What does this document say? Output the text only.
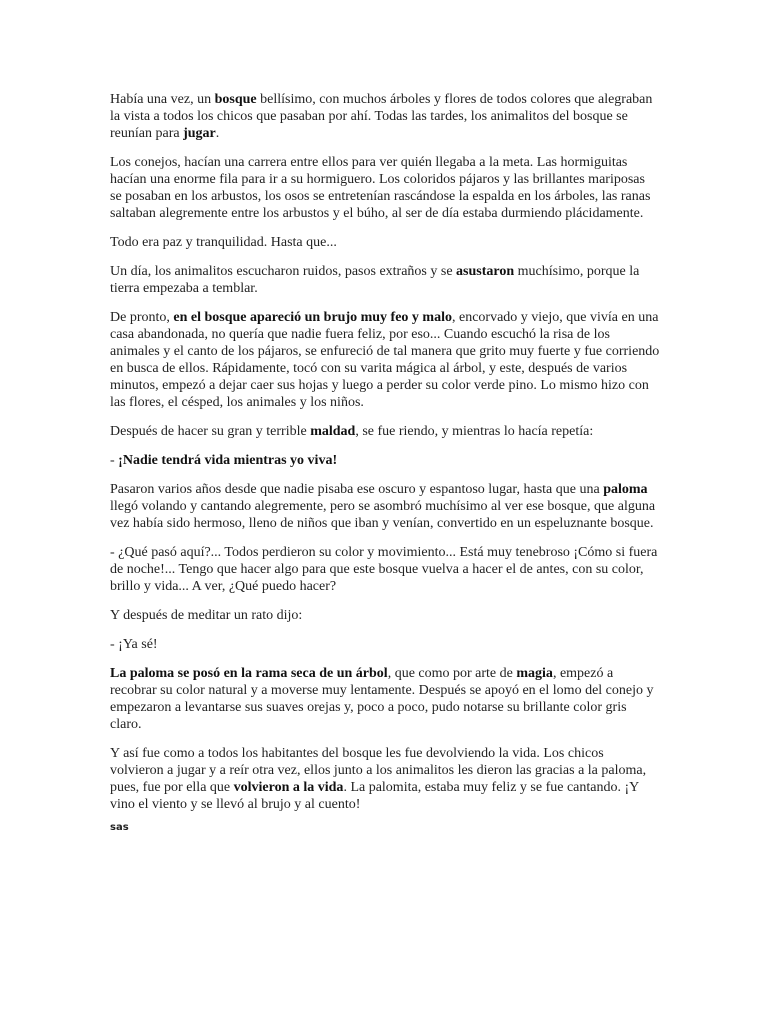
Había una vez, un bosque bellísimo, con muchos árboles y flores de todos colores que alegraban la vista a todos los chicos que pasaban por ahí. Todas las tardes, los animalitos del bosque se reunían para jugar.

Los conejos, hacían una carrera entre ellos para ver quién llegaba a la meta. Las hormiguitas hacían una enorme fila para ir a su hormiguero. Los coloridos pájaros y las brillantes mariposas se posaban en los arbustos, los osos se entretenían rascándose la espalda en los árboles, las ranas saltaban alegremente entre los arbustos y el búho, al ser de día estaba durmiendo plácidamente.

Todo era paz y tranquilidad. Hasta que...

Un día, los animalitos escucharon ruidos, pasos extraños y se asustaron muchísimo, porque la tierra empezaba a temblar.

De pronto, en el bosque apareció un brujo muy feo y malo, encorvado y viejo, que vivía en una casa abandonada, no quería que nadie fuera feliz, por eso... Cuando escuchó la risa de los animales y el canto de los pájaros, se enfureció de tal manera que grito muy fuerte y fue corriendo en busca de ellos. Rápidamente, tocó con su varita mágica al árbol, y este, después de varios minutos, empezó a dejar caer sus hojas y luego a perder su color verde pino. Lo mismo hizo con las flores, el césped, los animales y los niños.

Después de hacer su gran y terrible maldad, se fue riendo, y mientras lo hacía repetía:

- ¡Nadie tendrá vida mientras yo viva!

Pasaron varios años desde que nadie pisaba ese oscuro y espantoso lugar, hasta que una paloma llegó volando y cantando alegremente, pero se asombró muchísimo al ver ese bosque, que alguna vez había sido hermoso, lleno de niños que iban y venían, convertido en un espeluznante bosque.

- ¿Qué pasó aquí?... Todos perdieron su color y movimiento... Está muy tenebroso ¡Cómo si fuera de noche!... Tengo que hacer algo para que este bosque vuelva a hacer el de antes, con su color, brillo y vida... A ver, ¿Qué puedo hacer?

Y después de meditar un rato dijo:

- ¡Ya sé!

La paloma se posó en la rama seca de un árbol, que como por arte de magia, empezó a recobrar su color natural y a moverse muy lentamente. Después se apoyó en el lomo del conejo y empezaron a levantarse sus suaves orejas y, poco a poco, pudo notarse su brillante color gris claro.

Y así fue como a todos los habitantes del bosque les fue devolviendo la vida. Los chicos volvieron a jugar y a reír otra vez, ellos junto a los animalitos les dieron las gracias a la paloma, pues, fue por ella que volvieron a la vida. La palomita, estaba muy feliz y se fue cantando. ¡Y vino el viento y se llevó al brujo y al cuento!

sas
